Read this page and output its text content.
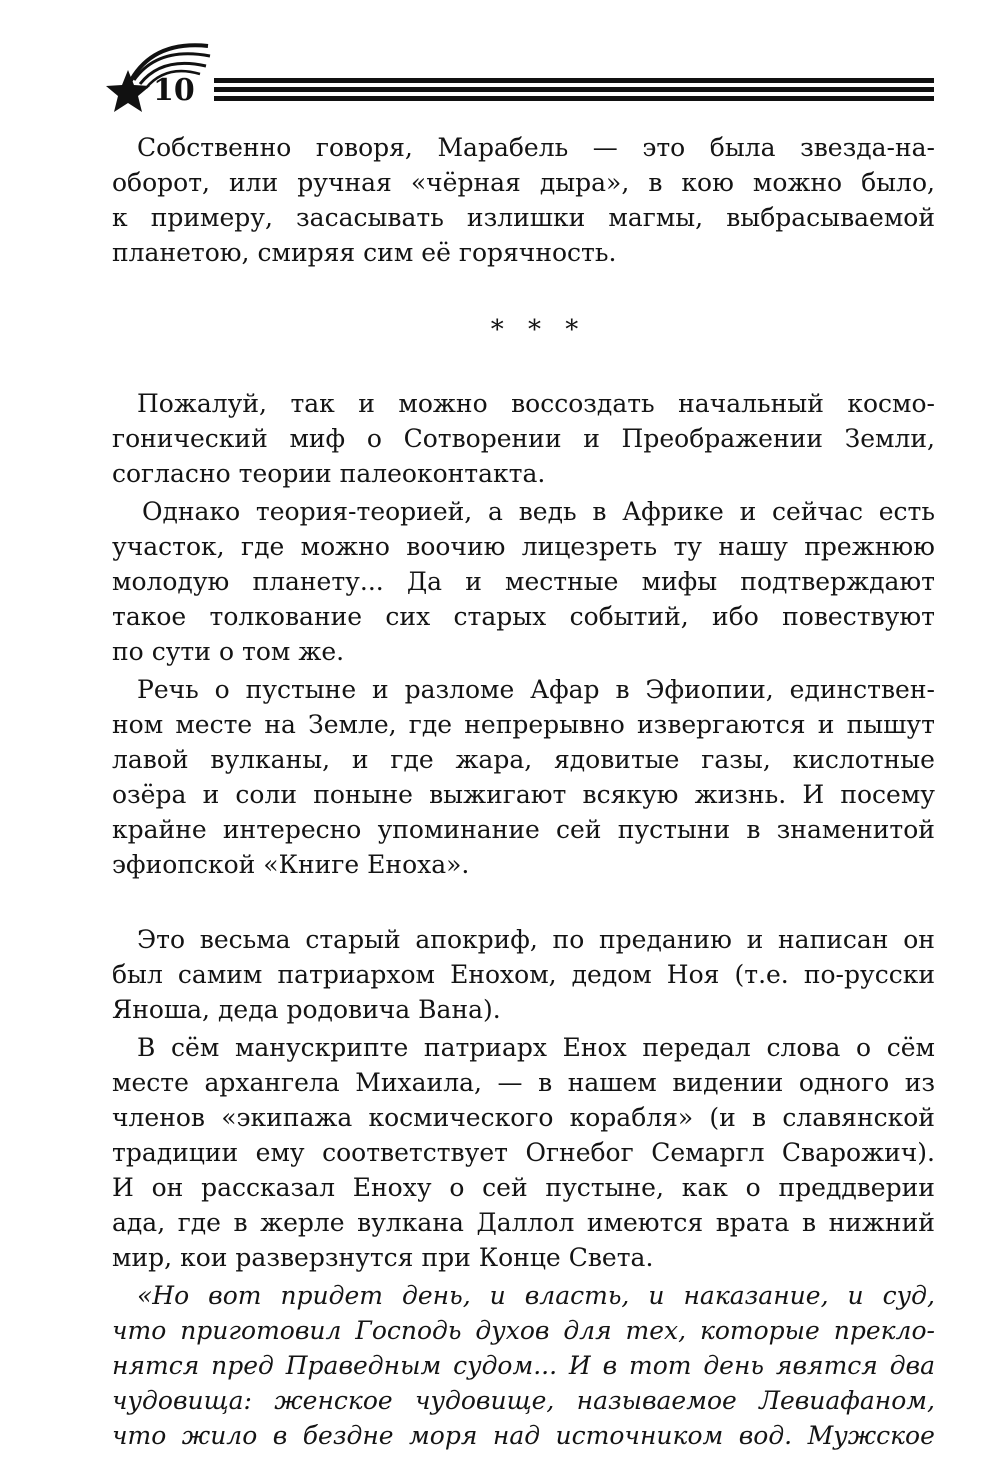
10
Собственно говоря, Марабель — это была звезда-на-
оборот, или ручная «чёрная дыра», в кою можно было,
к примеру, засасывать излишки магмы, выбрасываемой
планетою, смиряя сим её горячность.
* * *
Пожалуй, так и можно воссоздать начальный космо-
гонический миф о Сотворении и Преображении Земли,
согласно теории палеоконтакта.
Однако теория-теорией, а ведь в Африке и сейчас есть
участок, где можно воочию лицезреть ту нашу прежнюю
молодую планету... Да и местные мифы подтверждают
такое толкование сих старых событий, ибо повествуют
по сути о том же.
Речь о пустыне и разломе Афар в Эфиопии, единствен-
ном месте на Земле, где непрерывно извергаются и пышут
лавой вулканы, и где жара, ядовитые газы, кислотные
озёра и соли поныне выжигают всякую жизнь. И посему
крайне интересно упоминание сей пустыни в знаменитой
эфиопской «Книге Еноха».
Это весьма старый апокриф, по преданию и написан он
был самим патриархом Енохом, дедом Ноя (т.е. по-русски
Яноша, деда родовича Вана).
В сём манускрипте патриарх Енох передал слова о сём
месте архангела Михаила, — в нашем видении одного из
членов «экипажа космического корабля» (и в славянской
традиции ему соответствует Огнебог Семаргл Сварожич).
И он рассказал Еноху о сей пустыне, как о преддверии
ада, где в жерле вулкана Даллол имеются врата в нижний
мир, кои разверзнутся при Конце Света.
«Но вот придет день, и власть, и наказание, и суд,
что приготовил Господь духов для тех, которые прекло-
нятся пред Праведным судом... И в тот день явятся два
чудовища: женское чудовище, называемое Левиафаном,
что жило в бездне моря над источником вод. Мужское
